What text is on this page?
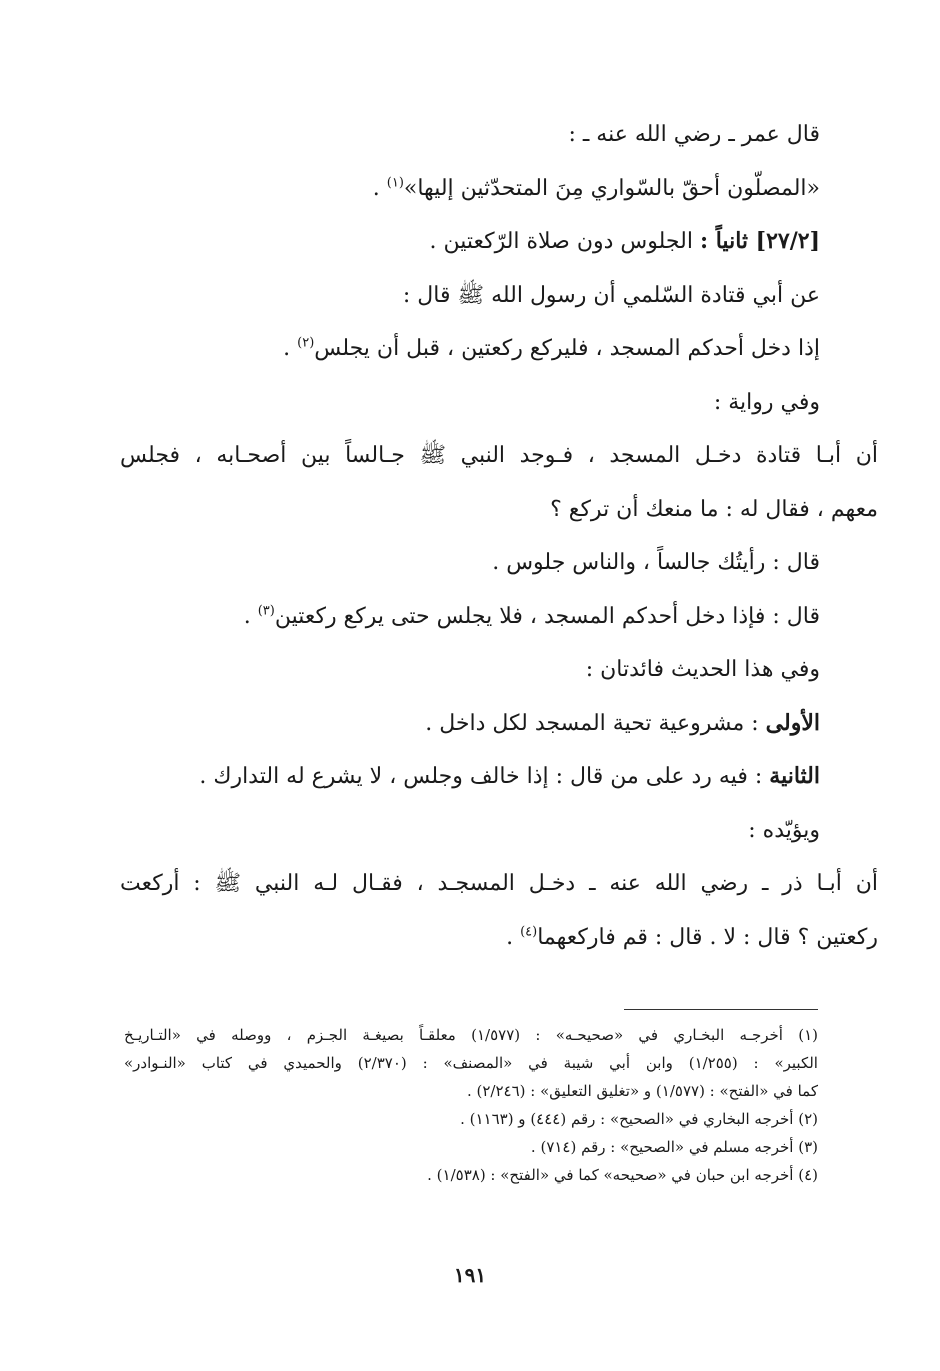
قال عمر ـ رضي الله عنه ـ :
«المصلّون أحقّ بالسّواري مِنَ المتحدّثين إليها»$^{(١)}$ .
[٢٧/٢] ثانياً : الجلوس دون صلاة الرّكعتين .
عن أبي قتادة السّلمي أن رسول الله ﷺ قال :
إذا دخل أحدكم المسجد ، فليركع ركعتين ، قبل أن يجلس$^{(٢)}$ .
وفي رواية :
أن أبـا قتادة دخـل المسجد ، فـوجد النبي ﷺ جـالساً بين أصحـابه ، فجلس
معهم ، فقال له : ما منعك أن تركع ؟
قال : رأيتُك جالساً ، والناس جلوس .
قال : فإذا دخل أحدكم المسجد ، فلا يجلس حتى يركع ركعتين$^{(٣)}$ .
وفي هذا الحديث فائدتان :
الأولى : مشروعية تحية المسجد لكل داخل .
الثانية : فيه رد على من قال : إذا خالف وجلس ، لا يشرع له التدارك .
ويؤيّده :
أن أبـا ذر ـ رضي الله عنه ـ دخـل المسجـد ، فقـال لـه النبي ﷺ : أركعت
ركعتين ؟ قال : لا . قال : قم فاركعهما$^{(٤)}$ .
(١) أخرجـه البخـاري في «صحيحـه» : (١/٥٧٧) معلقـاً بصيغـة الجـزم ، ووصله في «التـاريـخ
الكبير» : (١/٢٥٥) وابن أبي شيبة في «المصنف» : (٢/٣٧٠) والحميدي في كتاب «النـوادر»
كما في «الفتح» : (١/٥٧٧) و «تغليق التعليق» : (٢/٢٤٦) .
(٢) أخرجه البخاري في «الصحيح» : رقم (٤٤٤) و (١١٦٣) .
(٣) أخرجه مسلم في «الصحيح» : رقم (٧١٤) .
(٤) أخرجه ابن حبان في «صحيحه» كما في «الفتح» : (١/٥٣٨) .
١٩١
